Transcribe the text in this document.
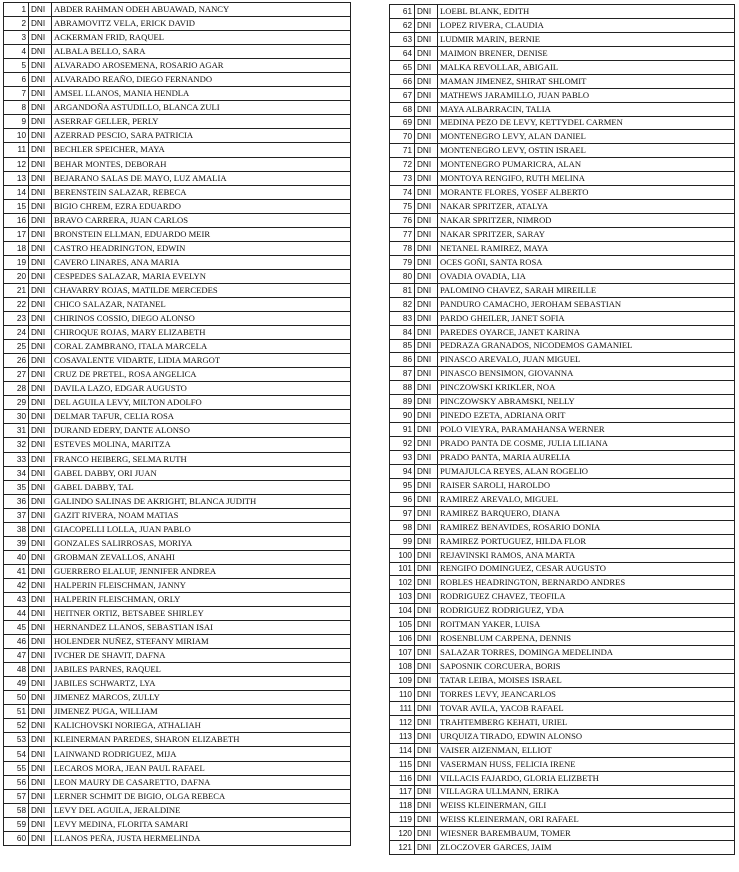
1	DNI	ABDER RAHMAN ODEH ABUAWAD, NANCY
2	DNI	ABRAMOVITZ VELA, ERICK DAVID
3	DNI	ACKERMAN FRID, RAQUEL
4	DNI	ALBALA BELLO, SARA
5	DNI	ALVARADO AROSEMENA, ROSARIO AGAR
6	DNI	ALVARADO REAÑO, DIEGO FERNANDO
7	DNI	AMSEL LLANOS, MANIA HENDLA
8	DNI	ARGANDOÑA ASTUDILLO, BLANCA ZULI
9	DNI	ASERRAF GELLER, PERLY
10	DNI	AZERRAD PESCIO, SARA PATRICIA
11	DNI	BECHLER SPEICHER, MAYA
12	DNI	BEHAR MONTES, DEBORAH
13	DNI	BEJARANO SALAS DE MAYO, LUZ AMALIA
14	DNI	BERENSTEIN SALAZAR, REBECA
15	DNI	BIGIO CHREM, EZRA EDUARDO
16	DNI	BRAVO CARRERA, JUAN CARLOS
17	DNI	BRONSTEIN ELLMAN, EDUARDO MEIR
18	DNI	CASTRO HEADRINGTON, EDWIN
19	DNI	CAVERO LINARES, ANA MARIA
20	DNI	CESPEDES SALAZAR, MARIA EVELYN
21	DNI	CHAVARRY ROJAS, MATILDE MERCEDES
22	DNI	CHICO SALAZAR, NATANEL
23	DNI	CHIRINOS COSSIO, DIEGO ALONSO
24	DNI	CHIROQUE ROJAS, MARY ELIZABETH
25	DNI	CORAL ZAMBRANO, ITALA MARCELA
26	DNI	COSAVALENTE VIDARTE, LIDIA MARGOT
27	DNI	CRUZ DE PRETEL, ROSA ANGELICA
28	DNI	DAVILA LAZO, EDGAR AUGUSTO
29	DNI	DEL AGUILA LEVY, MILTON ADOLFO
30	DNI	DELMAR TAFUR, CELIA ROSA
31	DNI	DURAND EDERY, DANTE ALONSO
32	DNI	ESTEVES MOLINA, MARITZA
33	DNI	FRANCO HEIBERG, SELMA RUTH
34	DNI	GABEL DABBY, ORI JUAN
35	DNI	GABEL DABBY, TAL
36	DNI	GALINDO SALINAS DE AKRIGHT, BLANCA JUDITH
37	DNI	GAZIT RIVERA, NOAM MATIAS
38	DNI	GIACOPELLI LOLLA, JUAN PABLO
39	DNI	GONZALES SALIRROSAS, MORIYA
40	DNI	GROBMAN ZEVALLOS, ANAHI
41	DNI	GUERRERO ELALUF, JENNIFER ANDREA
42	DNI	HALPERIN FLEISCHMAN, JANNY
43	DNI	HALPERIN FLEISCHMAN, ORLY
44	DNI	HEITNER ORTIZ, BETSABEE SHIRLEY
45	DNI	HERNANDEZ LLANOS, SEBASTIAN ISAI
46	DNI	HOLENDER NUÑEZ, STEFANY MIRIAM
47	DNI	IVCHER DE SHAVIT, DAFNA
48	DNI	JABILES PARNES, RAQUEL
49	DNI	JABILES SCHWARTZ, LYA
50	DNI	JIMENEZ MARCOS, ZULLY
51	DNI	JIMENEZ PUGA, WILLIAM
52	DNI	KALICHOVSKI NORIEGA, ATHALIAH
53	DNI	KLEINERMAN PAREDES, SHARON ELIZABETH
54	DNI	LAINWAND RODRIGUEZ, MIJA
55	DNI	LECAROS MORA, JEAN PAUL RAFAEL
56	DNI	LEON MAURY DE CASARETTO, DAFNA
57	DNI	LERNER SCHMIT DE BIGIO, OLGA REBECA
58	DNI	LEVY DEL AGUILA, JERALDINE
59	DNI	LEVY MEDINA, FLORITA SAMARI
60	DNI	LLANOS PEÑA, JUSTA HERMELINDA
61	DNI	LOEBL BLANK, EDITH
62	DNI	LOPEZ RIVERA, CLAUDIA
63	DNI	LUDMIR MARIN, BERNIE
64	DNI	MAIMON BRENER, DENISE
65	DNI	MALKA REVOLLAR, ABIGAIL
66	DNI	MAMAN JIMENEZ, SHIRAT SHLOMIT
67	DNI	MATHEWS JARAMILLO, JUAN PABLO
68	DNI	MAYA ALBARRACIN, TALIA
69	DNI	MEDINA PEZO DE LEVY, KETTYDEL CARMEN
70	DNI	MONTENEGRO LEVY, ALAN DANIEL
71	DNI	MONTENEGRO LEVY, OSTIN ISRAEL
72	DNI	MONTENEGRO PUMARICRA, ALAN
73	DNI	MONTOYA RENGIFO, RUTH MELINA
74	DNI	MORANTE FLORES, YOSEF ALBERTO
75	DNI	NAKAR SPRITZER, ATALYA
76	DNI	NAKAR SPRITZER, NIMROD
77	DNI	NAKAR SPRITZER, SARAY
78	DNI	NETANEL RAMIREZ, MAYA
79	DNI	OCES GOÑI, SANTA ROSA
80	DNI	OVADIA OVADIA, LIA
81	DNI	PALOMINO CHAVEZ, SARAH MIREILLE
82	DNI	PANDURO CAMACHO, JEROHAM SEBASTIAN
83	DNI	PARDO GHEILER, JANET SOFIA
84	DNI	PAREDES OYARCE, JANET KARINA
85	DNI	PEDRAZA GRANADOS, NICODEMOS GAMANIEL
86	DNI	PINASCO AREVALO, JUAN MIGUEL
87	DNI	PINASCO BENSIMON, GIOVANNA
88	DNI	PINCZOWSKI KRIKLER, NOA
89	DNI	PINCZOWSKY ABRAMSKI, NELLY
90	DNI	PINEDO EZETA, ADRIANA ORIT
91	DNI	POLO VIEYRA, PARAMAHANSA WERNER
92	DNI	PRADO PANTA DE COSME, JULIA LILIANA
93	DNI	PRADO PANTA, MARIA AURELIA
94	DNI	PUMAJULCA REYES, ALAN ROGELIO
95	DNI	RAISER SAROLI, HAROLDO
96	DNI	RAMIREZ AREVALO, MIGUEL
97	DNI	RAMIREZ BARQUERO, DIANA
98	DNI	RAMIREZ BENAVIDES, ROSARIO DONIA
99	DNI	RAMIREZ PORTUGUEZ, HILDA FLOR
100	DNI	REJAVINSKI RAMOS, ANA MARTA
101	DNI	RENGIFO DOMINGUEZ, CESAR AUGUSTO
102	DNI	ROBLES HEADRINGTON, BERNARDO ANDRES
103	DNI	RODRIGUEZ CHAVEZ, TEOFILA
104	DNI	RODRIGUEZ RODRIGUEZ, YDA
105	DNI	ROITMAN YAKER, LUISA
106	DNI	ROSENBLUM CARPENA, DENNIS
107	DNI	SALAZAR TORRES, DOMINGA MEDELINDA
108	DNI	SAPOSNIK CORCUERA, BORIS
109	DNI	TATAR LEIBA, MOISES ISRAEL
110	DNI	TORRES LEVY, JEANCARLOS
111	DNI	TOVAR AVILA, YACOB RAFAEL
112	DNI	TRAHTEMBERG KEHATI, URIEL
113	DNI	URQUIZA TIRADO, EDWIN ALONSO
114	DNI	VAISER AIZENMAN, ELLIOT
115	DNI	VASERMAN HUSS, FELICIA IRENE
116	DNI	VILLACIS FAJARDO, GLORIA ELIZBETH
117	DNI	VILLAGRA ULLMANN, ERIKA
118	DNI	WEISS KLEINERMAN, GILI
119	DNI	WEISS KLEINERMAN, ORI RAFAEL
120	DNI	WIESNER BAREMBAUM, TOMER
121	DNI	ZLOCZOVER GARCES, JAIM
